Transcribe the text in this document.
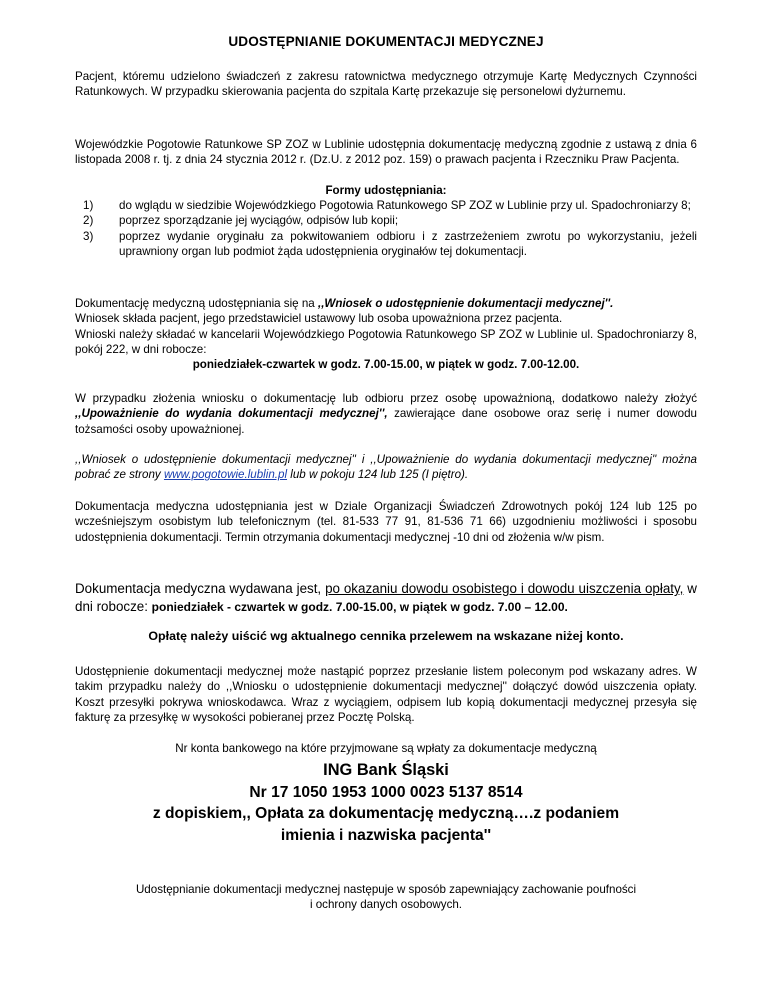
UDOSTĘPNIANIE DOKUMENTACJI MEDYCZNEJ

Pacjent, któremu udzielono świadczeń z zakresu ratownictwa medycznego otrzymuje Kartę Medycznych Czynności Ratunkowych. W przypadku skierowania pacjenta do szpitala Kartę przekazuje się personelowi dyżurnemu.

Wojewódzkie Pogotowie Ratunkowe SP ZOZ w Lublinie udostępnia dokumentację medyczną zgodnie z ustawą z dnia 6 listopada 2008 r. tj. z dnia 24 stycznia 2012 r. (Dz.U. z 2012 poz. 159) o prawach pacjenta i Rzeczniku Praw Pacjenta.

Formy udostępniania:
1) do wglądu w siedzibie Wojewódzkiego Pogotowia Ratunkowego SP ZOZ w Lublinie przy ul. Spadochroniarzy 8;
2) poprzez sporządzanie jej wyciągów, odpisów lub kopii;
3) poprzez wydanie oryginału za pokwitowaniem odbioru i z zastrzeżeniem zwrotu po wykorzystaniu, jeżeli uprawniony organ lub podmiot żąda udostępnienia oryginałów tej dokumentacji.

Dokumentację medyczną udostępniania się na ,,Wniosek o udostępnienie dokumentacji medycznej''.

Wniosek składa pacjent, jego przedstawiciel ustawowy lub osoba upoważniona przez pacjenta.

Wnioski należy składać w kancelarii Wojewódzkiego Pogotowia Ratunkowego SP ZOZ w Lublinie ul. Spadochroniarzy 8, pokój 222, w dni robocze:

poniedziałek-czwartek w godz. 7.00-15.00, w piątek w godz. 7.00-12.00.

W przypadku złożenia wniosku o dokumentację lub odbioru przez osobę upoważnioną, dodatkowo należy złożyć ,,Upoważnienie do wydania dokumentacji medycznej'', zawierające dane osobowe oraz serię i numer dowodu tożsamości osoby upoważnionej.

,,Wniosek o udostępnienie dokumentacji medycznej'' i ,,Upoważnienie do wydania dokumentacji medycznej'' można pobrać ze strony www.pogotowie.lublin.pl lub w pokoju 124 lub 125 (I piętro).

Dokumentacja medyczna udostępniania jest w Dziale Organizacji Świadczeń Zdrowotnych pokój 124 lub 125 po wcześniejszym osobistym lub telefonicznym (tel. 81-533 77 91, 81-536 71 66) uzgodnieniu możliwości i sposobu udostępnienia dokumentacji. Termin otrzymania dokumentacji medycznej -10 dni od złożenia w/w pism.

Dokumentacja medyczna wydawana jest, po okazaniu dowodu osobistego i dowodu uiszczenia opłaty, w dni robocze: poniedziałek - czwartek w godz. 7.00-15.00, w piątek w godz. 7.00 – 12.00.

Opłatę należy uiścić wg aktualnego cennika przelewem na wskazane niżej konto.

Udostępnienie dokumentacji medycznej może nastąpić poprzez przesłanie listem poleconym pod wskazany adres. W takim przypadku należy do ,,Wniosku o udostępnienie dokumentacji medycznej'' dołączyć dowód uiszczenia opłaty. Koszt przesyłki pokrywa wnioskodawca. Wraz z wyciągiem, odpisem lub kopią dokumentacji medycznej przesyła się fakturę za przesyłkę w wysokości pobieranej przez Pocztę Polską.

Nr konta bankowego na które przyjmowane są wpłaty za dokumentacje medyczną
ING Bank Śląski
Nr 17 1050 1953 1000 0023 5137 8514
z dopiskiem,, Opłata za dokumentację medyczną….z podaniem
imienia i nazwiska pacjenta''
Udostępnianie dokumentacji medycznej następuje w sposób zapewniający zachowanie poufności
i ochrony danych osobowych.
